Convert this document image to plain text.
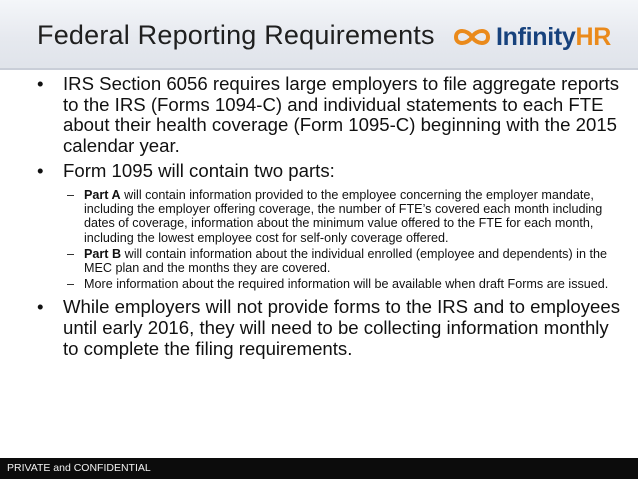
Federal Reporting Requirements Infinity HR
• IRS Section 6056 requires large employers to file aggregate reports to the IRS (Forms 1094-C) and individual statements to each FTE about their health coverage (Form 1095-C) beginning with the 2015 calendar year.
• Form 1095 will contain two parts:
– Part A will contain information provided to the employee concerning the employer mandate, including the employer offering coverage, the number of FTE’s covered each month including dates of coverage, information about the minimum value offered to the FTE for each month, including the lowest employee cost for self-only coverage offered.
– Part B will contain information about the individual enrolled (employee and dependents) in the MEC plan and the months they are covered.
– More information about the required information will be available when draft Forms are issued.
• While employers will not provide forms to the IRS and to employees until early 2016, they will need to be collecting information monthly to complete the filing requirements.
PRIVATE and CONFIDENTIAL
